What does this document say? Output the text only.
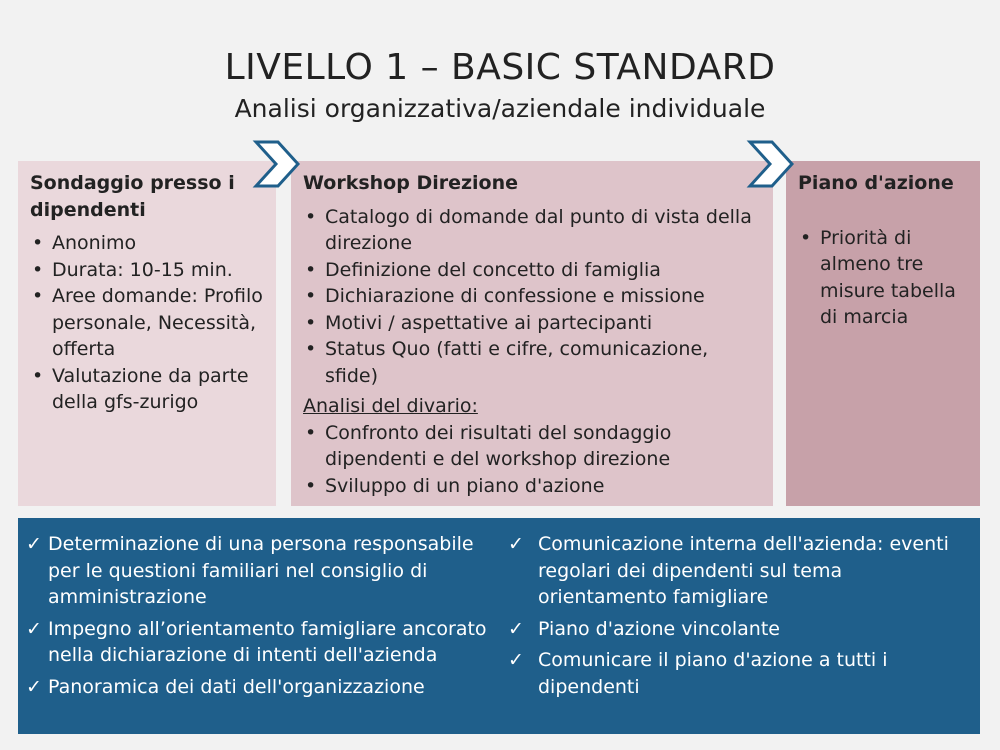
LIVELLO 1 – BASIC STANDARD
Analisi organizzativa/aziendale individuale
Sondaggio presso i dipendenti
• Anonimo
• Durata: 10-15 min.
• Aree domande: Profilo personale, Necessità, offerta
• Valutazione da parte della gfs-zurigo
Workshop Direzione
• Catalogo di domande dal punto di vista della direzione
• Definizione del concetto di famiglia
• Dichiarazione di confessione e missione
• Motivi / aspettative ai partecipanti
• Status Quo (fatti e cifre, comunicazione, sfide)
Analisi del divario:
• Confronto dei risultati del sondaggio dipendenti e del workshop direzione
• Sviluppo di un piano d'azione
Piano d'azione
• Priorità di almeno tre misure tabella di marcia
✓ Determinazione di una persona responsabile per le questioni familiari nel consiglio di amministrazione
✓ Impegno all’orientamento famigliare ancorato nella dichiarazione di intenti dell'azienda
✓ Panoramica dei dati dell'organizzazione
✓ Comunicazione interna dell'azienda: eventi regolari dei dipendenti sul tema orientamento famigliare
✓ Piano d'azione vincolante
✓ Comunicare il piano d'azione a tutti i dipendenti
